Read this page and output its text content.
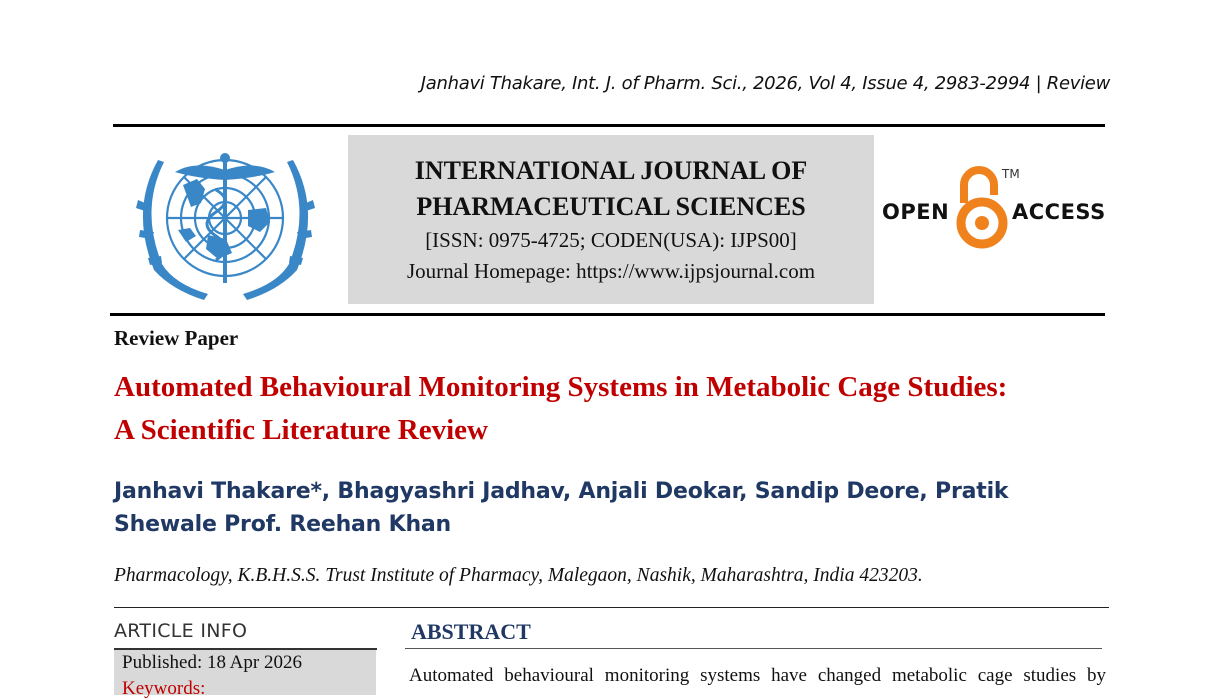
Janhavi Thakare, Int. J. of Pharm. Sci., 2026, Vol 4, Issue 4, 2983-2994 | Review
INTERNATIONAL JOURNAL OF
PHARMACEUTICAL SCIENCES
[ISSN: 0975-4725; CODEN(USA): IJPS00]
Journal Homepage: https://www.ijpsjournal.com
OPEN
TM
ACCESS
Review Paper
Automated Behavioural Monitoring Systems in Metabolic Cage Studies:
A Scientific Literature Review
Janhavi Thakare*, Bhagyashri Jadhav, Anjali Deokar, Sandip Deore, Pratik
Shewale Prof. Reehan Khan
Pharmacology, K.B.H.S.S. Trust Institute of Pharmacy, Malegaon, Nashik, Maharashtra, India 423203.
ARTICLE INFO
Published: 18 Apr 2026
Keywords:
ABSTRACT
Automated behavioural monitoring systems have changed metabolic cage studies by
